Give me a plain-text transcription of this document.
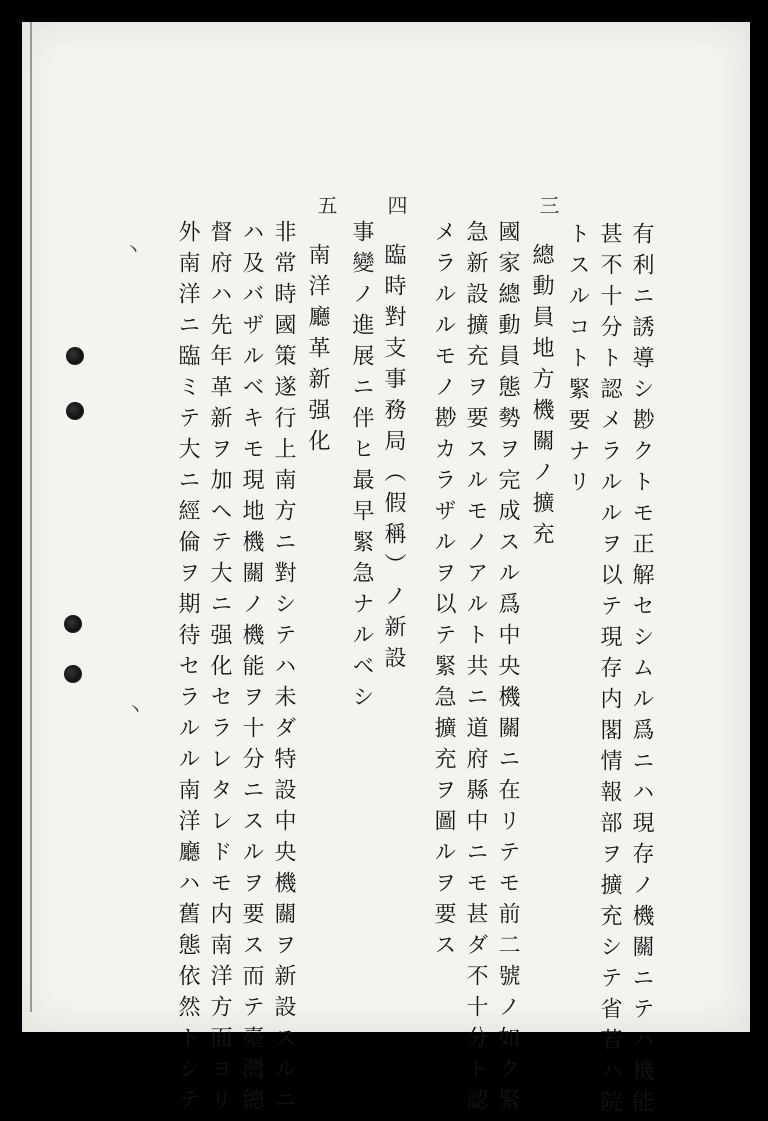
丶
丶	有利ニ誘導シ尠クトモ正解セシムル爲ニハ現存ノ機關ニテハ機能
甚不十分ト認メラルルヲ以テ現存内閣情報部ヲ擴充シテ省若ハ院
トスルコト緊要ナリ
三
總動員地方機關ノ擴充
國家總動員態勢ヲ完成スル爲中央機關ニ在リテモ前二號ノ如ク緊
急新設擴充ヲ要スルモノアルト共ニ道府縣中ニモ甚ダ不十分ト認
メラルルモノ尠カラザルヲ以テ緊急擴充ヲ圖ルヲ要ス
四
臨時對支事務局（假稱）ノ新設
事變ノ進展ニ伴ヒ最早緊急ナルベシ
五
南洋廳革新强化
非常時國策遂行上南方ニ對シテハ未ダ特設中央機關ヲ新設スルニ
ハ及バザルベキモ現地機關ノ機能ヲ十分ニスルヲ要ス而テ臺灣總
督府ハ先年革新ヲ加ヘテ大ニ强化セラレタレドモ内南洋方面ヨリ
外南洋ニ臨ミテ大ニ經倫ヲ期待セラルル南洋廳ハ舊態依然トシテ
